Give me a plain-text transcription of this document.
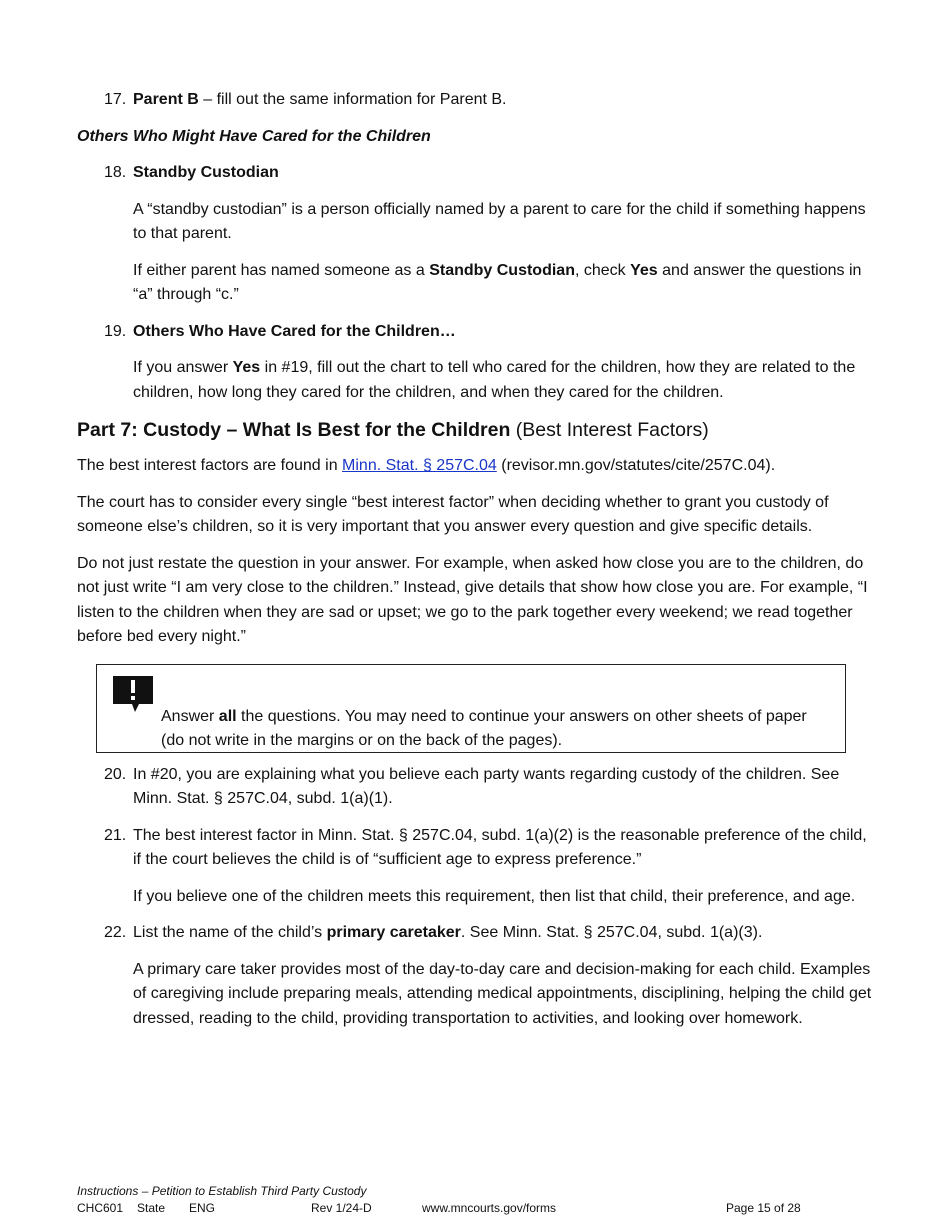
17. Parent B – fill out the same information for Parent B.

Others Who Might Have Cared for the Children

18. Standby Custodian

A “standby custodian” is a person officially named by a parent to care for the child if something happens to that parent.

If either parent has named someone as a Standby Custodian, check Yes and answer the questions in “a” through “c.”

19. Others Who Have Cared for the Children…

If you answer Yes in #19, fill out the chart to tell who cared for the children, how they are related to the children, how long they cared for the children, and when they cared for the children.

Part 7: Custody – What Is Best for the Children (Best Interest Factors)

The best interest factors are found in Minn. Stat. § 257C.04 (revisor.mn.gov/statutes/cite/257C.04).

The court has to consider every single “best interest factor” when deciding whether to grant you custody of someone else’s children, so it is very important that you answer every question and give specific details.

Do not just restate the question in your answer. For example, when asked how close you are to the children, do not just write “I am very close to the children.” Instead, give details that show how close you are. For example, “I listen to the children when they are sad or upset; we go to the park together every weekend; we read together before bed every night.”

Answer all the questions. You may need to continue your answers on other sheets of paper (do not write in the margins or on the back of the pages).

20. In #20, you are explaining what you believe each party wants regarding custody of the children. See Minn. Stat. § 257C.04, subd. 1(a)(1).

21. The best interest factor in Minn. Stat. § 257C.04, subd. 1(a)(2) is the reasonable preference of the child, if the court believes the child is of “sufficient age to express preference.”

If you believe one of the children meets this requirement, then list that child, their preference, and age.

22. List the name of the child’s primary caretaker. See Minn. Stat. § 257C.04, subd. 1(a)(3).

A primary care taker provides most of the day-to-day care and decision-making for each child. Examples of caregiving include preparing meals, attending medical appointments, disciplining, helping the child get dressed, reading to the child, providing transportation to activities, and looking over homework.

Instructions – Petition to Establish Third Party Custody
CHC601 State ENG	Rev 1/24-D	www.mncourts.gov/forms	Page 15 of 28
